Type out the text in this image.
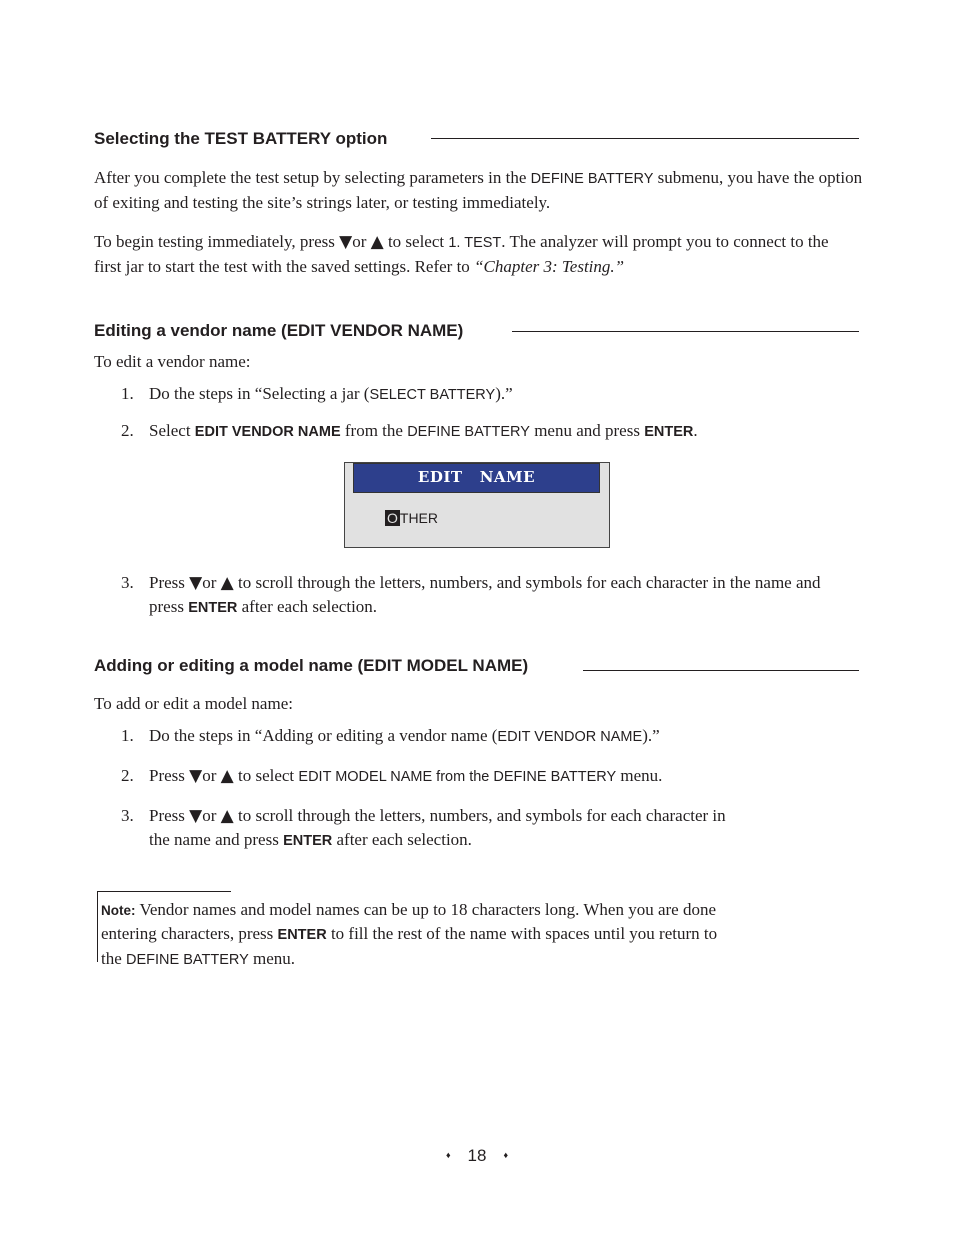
Selecting the TEST BATTERY option

After you complete the test setup by selecting parameters in the DEFINE BATTERY submenu, you have the option of exiting and testing the site’s strings later, or testing immediately.

To begin testing immediately, press ▼or ▲ to select 1. TEST. The analyzer will prompt you to connect to the first jar to start the test with the saved settings. Refer to “Chapter 3: Testing.”

Editing a vendor name (EDIT VENDOR NAME)

To edit a vendor name:

1. Do the steps in “Selecting a jar (SELECT BATTERY).”

2. Select EDIT VENDOR NAME from the DEFINE BATTERY menu and press ENTER.

EDIT   NAME
O THER
3. Press ▼or ▲ to scroll through the letters, numbers, and symbols for each character in the name and press ENTER after each selection.

Adding or editing a model name (EDIT MODEL NAME)

To add or edit a model name:

1. Do the steps in “Adding or editing a vendor name (EDIT VENDOR NAME).”

2. Press ▼or ▲ to select EDIT MODEL NAME from the DEFINE BATTERY menu.

3. Press ▼or ▲ to scroll through the letters, numbers, and symbols for each character in the name and press ENTER after each selection.

Note: Vendor names and model names can be up to 18 characters long. When you are done entering characters, press ENTER to fill the rest of the name with spaces until you return to the DEFINE BATTERY menu.

♦ 18 ♦
